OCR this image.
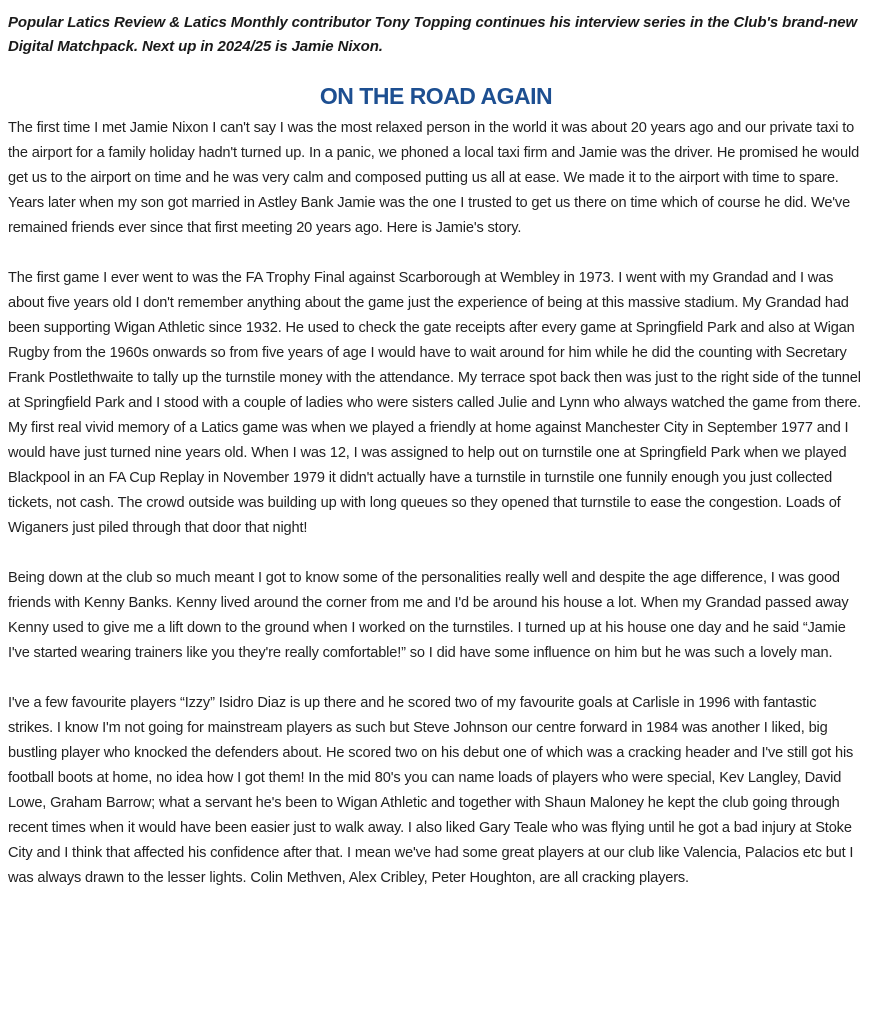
Popular Latics Review & Latics Monthly contributor Tony Topping continues his interview series in the Club's brand-new Digital Matchpack. Next up in 2024/25 is Jamie Nixon.

ON THE ROAD AGAIN

The first time I met Jamie Nixon I can't say I was the most relaxed person in the world it was about 20 years ago and our private taxi to the airport for a family holiday hadn't turned up. In a panic, we phoned a local taxi firm and Jamie was the driver. He promised he would get us to the airport on time and he was very calm and composed putting us all at ease. We made it to the airport with time to spare. Years later when my son got married in Astley Bank Jamie was the one I trusted to get us there on time which of course he did. We've remained friends ever since that first meeting 20 years ago. Here is Jamie's story.

The first game I ever went to was the FA Trophy Final against Scarborough at Wembley in 1973. I went with my Grandad and I was about five years old I don't remember anything about the game just the experience of being at this massive stadium. My Grandad had been supporting Wigan Athletic since 1932. He used to check the gate receipts after every game at Springfield Park and also at Wigan Rugby from the 1960s onwards so from five years of age I would have to wait around for him while he did the counting with Secretary Frank Postlethwaite to tally up the turnstile money with the attendance. My terrace spot back then was just to the right side of the tunnel at Springfield Park and I stood with a couple of ladies who were sisters called Julie and Lynn who always watched the game from there. My first real vivid memory of a Latics game was when we played a friendly at home against Manchester City in September 1977 and I would have just turned nine years old. When I was 12, I was assigned to help out on turnstile one at Springfield Park when we played Blackpool in an FA Cup Replay in November 1979 it didn't actually have a turnstile in turnstile one funnily enough you just collected tickets, not cash. The crowd outside was building up with long queues so they opened that turnstile to ease the congestion. Loads of Wiganers just piled through that door that night!

Being down at the club so much meant I got to know some of the personalities really well and despite the age difference, I was good friends with Kenny Banks. Kenny lived around the corner from me and I'd be around his house a lot. When my Grandad passed away Kenny used to give me a lift down to the ground when I worked on the turnstiles. I turned up at his house one day and he said “Jamie I've started wearing trainers like you they're really comfortable!” so I did have some influence on him but he was such a lovely man.

I've a few favourite players “Izzy” Isidro Diaz is up there and he scored two of my favourite goals at Carlisle in 1996 with fantastic strikes. I know I'm not going for mainstream players as such but Steve Johnson our centre forward in 1984 was another I liked, big bustling player who knocked the defenders about. He scored two on his debut one of which was a cracking header and I've still got his football boots at home, no idea how I got them! In the mid 80's you can name loads of players who were special, Kev Langley, David Lowe, Graham Barrow; what a servant he's been to Wigan Athletic and together with Shaun Maloney he kept the club going through recent times when it would have been easier just to walk away. I also liked Gary Teale who was flying until he got a bad injury at Stoke City and I think that affected his confidence after that. I mean we've had some great players at our club like Valencia, Palacios etc but I was always drawn to the lesser lights. Colin Methven, Alex Cribley, Peter Houghton, are all cracking players.
